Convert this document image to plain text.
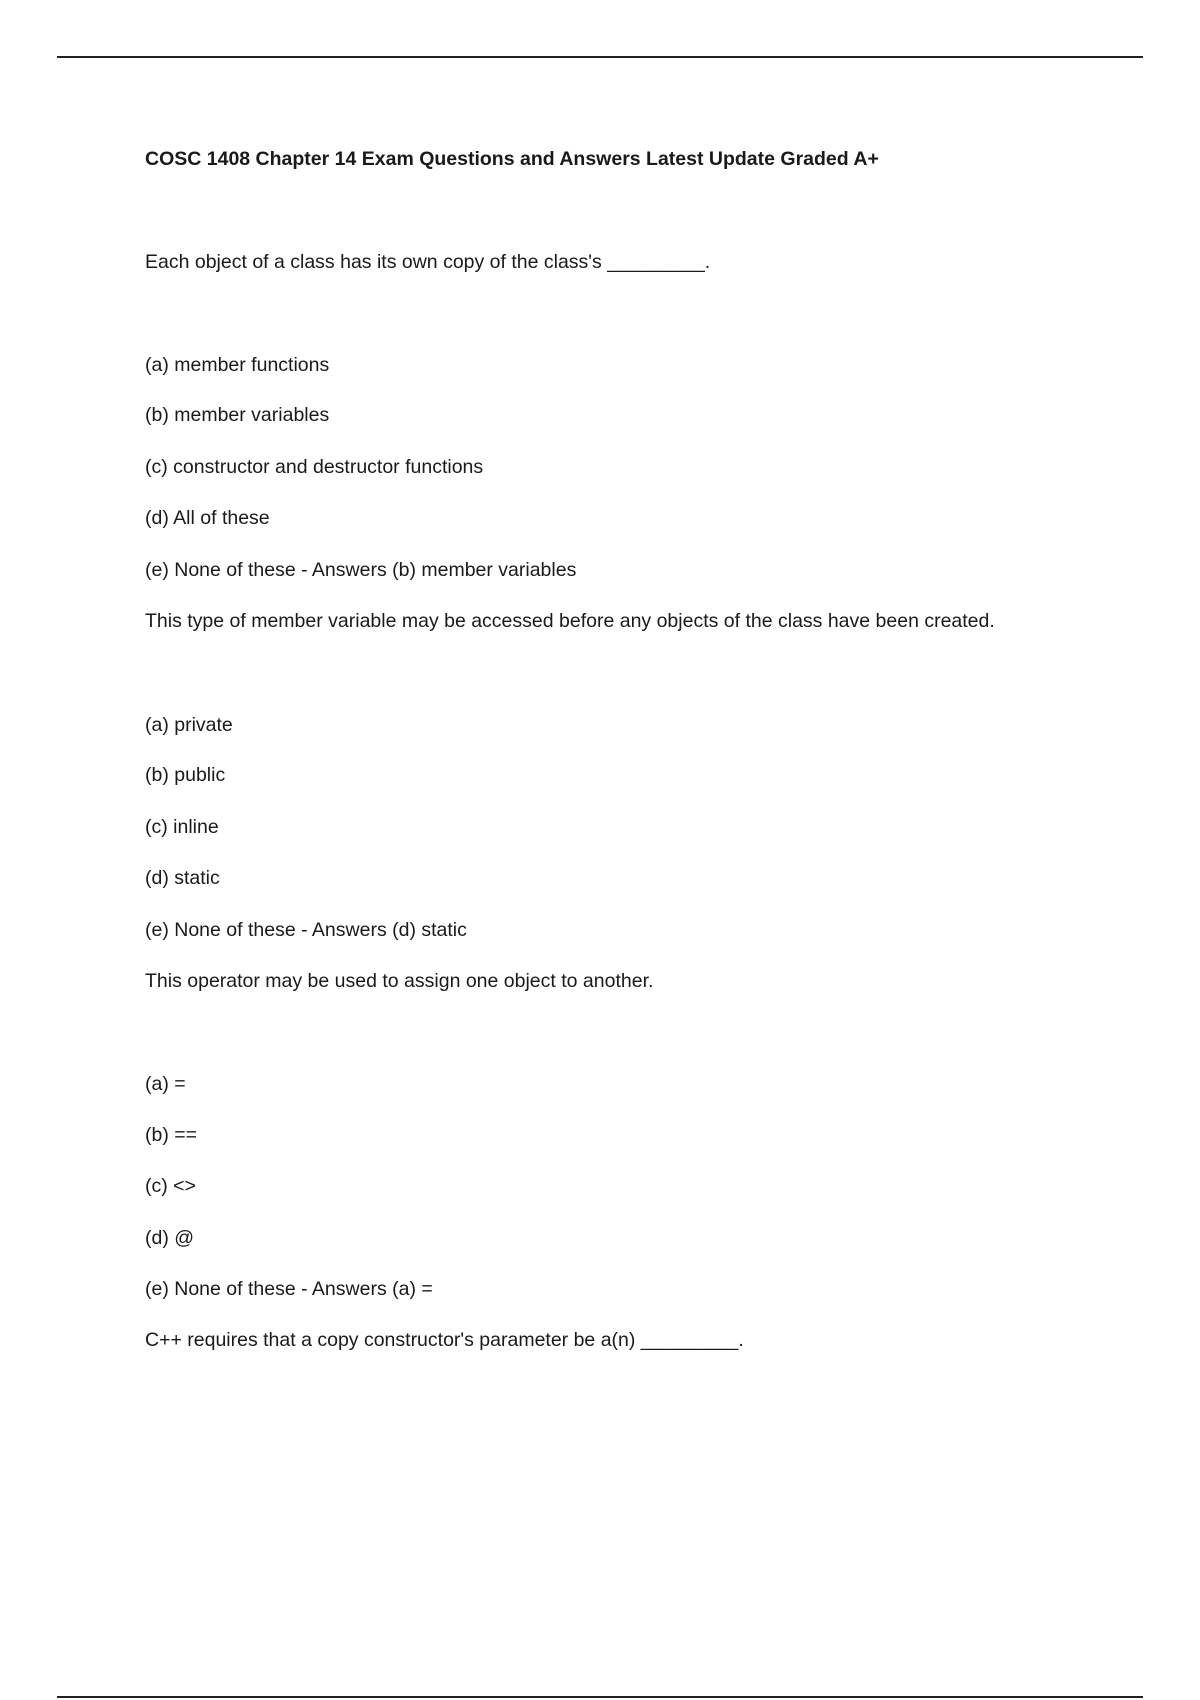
COSC 1408 Chapter 14 Exam Questions and Answers Latest Update Graded A+
Each object of a class has its own copy of the class's _________.
(a) member functions
(b) member variables
(c) constructor and destructor functions
(d) All of these
(e) None of these - Answers (b) member variables
This type of member variable may be accessed before any objects of the class have been created.
(a) private
(b) public
(c) inline
(d) static
(e) None of these - Answers (d) static
This operator may be used to assign one object to another.
(a) =
(b) ==
(c) <>
(d) @
(e) None of these - Answers (a) =
C++ requires that a copy constructor's parameter be a(n) _________.
